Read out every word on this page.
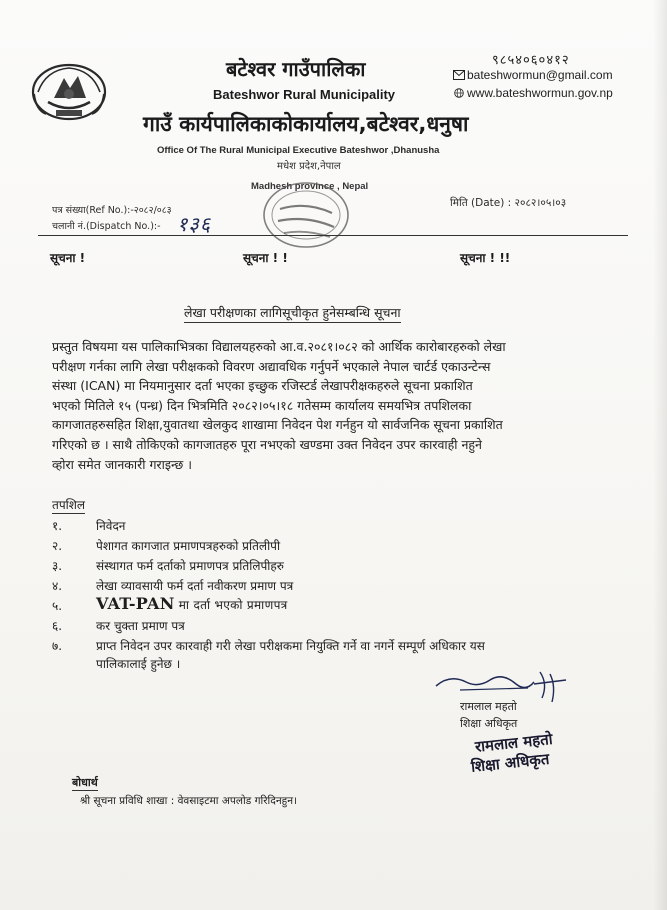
बटेश्वर गाउँपालिका
Bateshwor Rural Municipality
गाउँ कार्यपालिकाकोकार्यालय,बटेश्वर,धनुषा
Office Of The Rural Municipal Executive Bateshwor ,Dhanusha
मधेश प्रदेश,नेपाल
Madhesh province , Nepal
९८५४०६०४१२
bateshwormun@gmail.com
www.bateshwormun.gov.np
पत्र संख्या(Ref No.):-२०८२/०८३
चलानी नं.(Dispatch No.):- १३६
मिति (Date) : २०८२।०५।०३
सूचना !	सूचना ! !	सूचना ! !!
लेखा परीक्षणका लागिसूचीकृत हुनेसम्बन्धि सूचना
प्रस्तुत विषयमा यस पालिकाभित्रका विद्यालयहरुको आ.व.२०८१।०८२ को आर्थिक कारोबारहरुको लेखा
परीक्षण गर्नका लागि लेखा परीक्षकको विवरण अद्यावधिक गर्नुपर्ने भएकाले नेपाल चार्टर्ड एकाउन्टेन्स
संस्था (ICAN) मा नियमानुसार दर्ता भएका इच्छुक रजिस्टर्ड लेखापरीक्षकहरुले सूचना प्रकाशित
भएको मितिले १५ (पन्ध्र) दिन भित्रमिति २०८२।०५।१८ गतेसम्म कार्यालय समयभित्र तपशिलका
कागजातहरुसहित शिक्षा,युवातथा खेलकुद शाखामा निवेदन पेश गर्नहुन यो सार्वजनिक सूचना प्रकाशित
गरिएको छ । साथै तोकिएको कागजातहरु पूरा नभएको खण्डमा उक्त निवेदन उपर कारवाही नहुने
व्होरा समेत जानकारी गराइन्छ ।
तपशिल
१.	निवेदन
२.	पेशागत कागजात प्रमाणपत्रहरुको प्रतिलीपी
३.	संस्थागत फर्म दर्ताको प्रमाणपत्र प्रतिलिपीहरु
४.	लेखा व्यावसायी फर्म दर्ता नवीकरण प्रमाण पत्र
५. VAT-PAN मा दर्ता भएको प्रमाणपत्र
६.	कर चुक्ता प्रमाण पत्र
७.	प्राप्त निवेदन उपर कारवाही गरी लेखा परीक्षकमा नियुक्ति गर्ने वा नगर्ने सम्पूर्ण अधिकार यस
पालिकालाई हुनेछ ।
रामलाल महतो
शिक्षा अधिकृत
रामलाल महतो
शिक्षा अधिकृत
बोधार्थ
श्री सूचना प्रविधि शाखा : वेवसाइटमा अपलोड गरिदिनहुन।
